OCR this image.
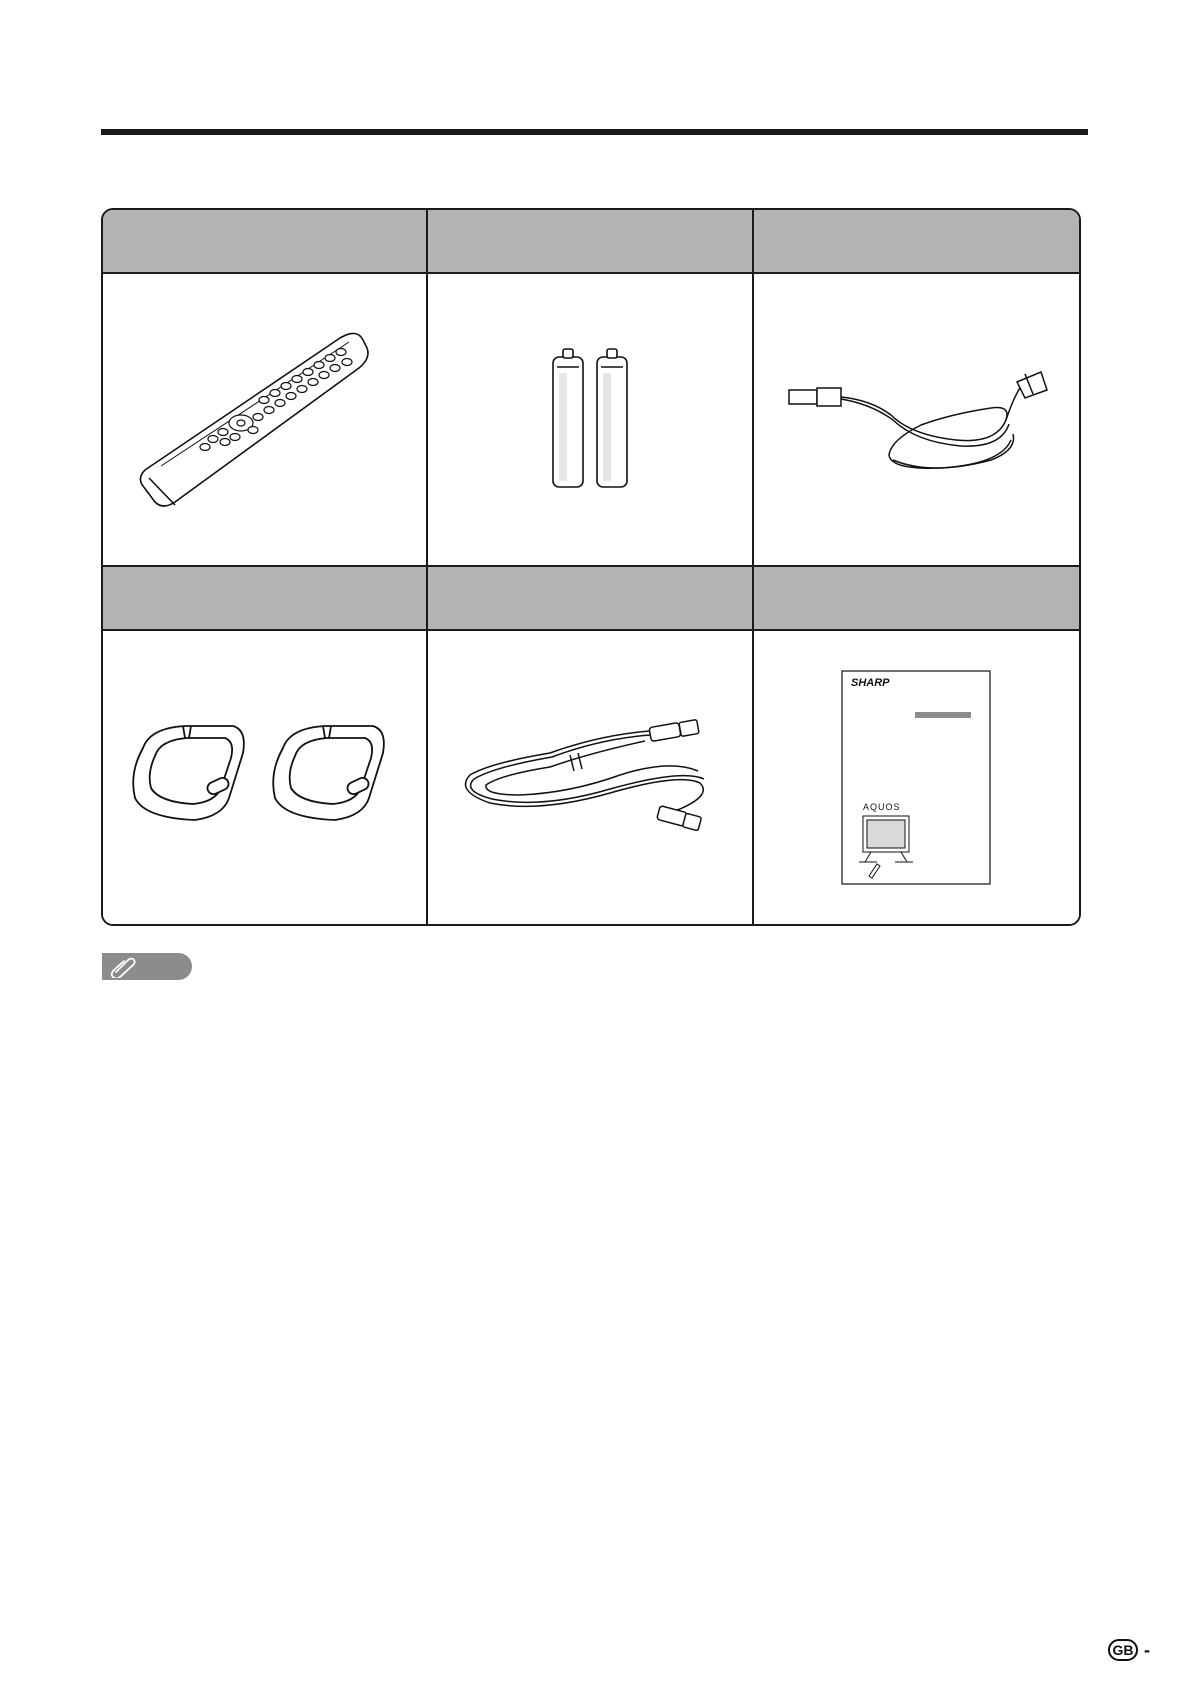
SHARP
AQUOS
GB -
